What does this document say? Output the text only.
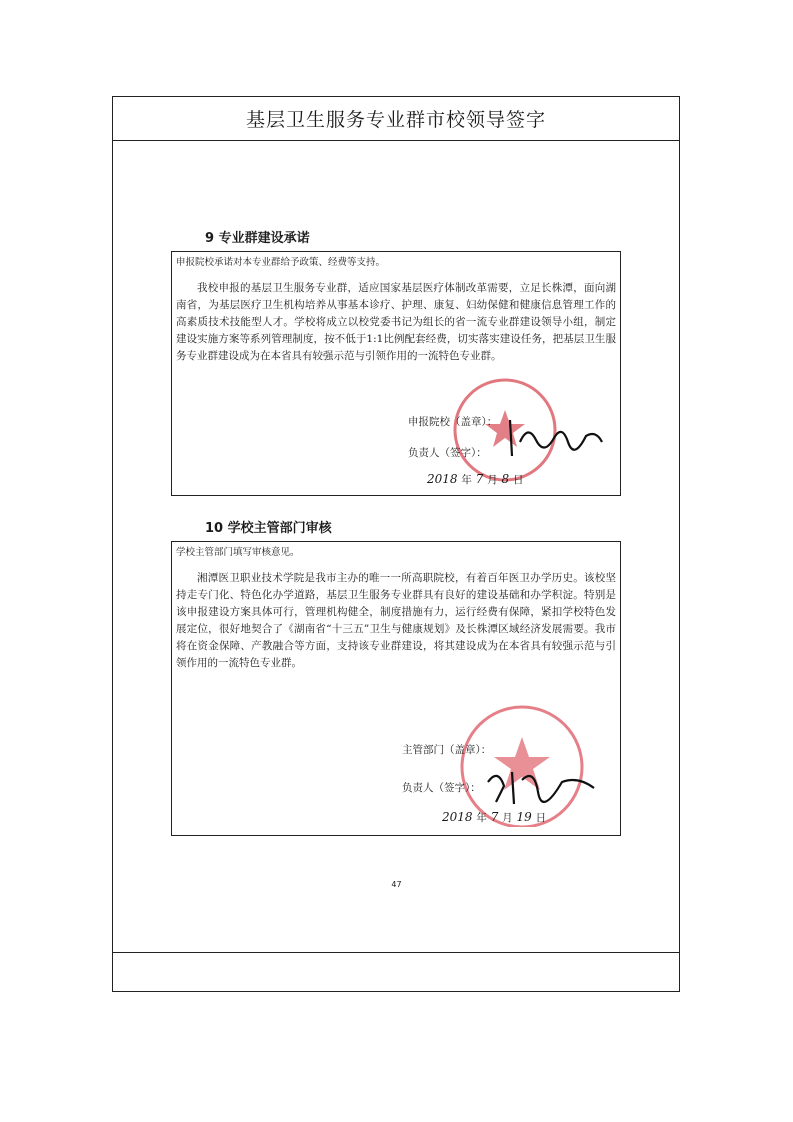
基层卫生服务专业群市校领导签字
9 专业群建设承诺
申报院校承诺对本专业群给予政策、经费等支持。
我校申报的基层卫生服务专业群，适应国家基层医疗体制改革需要，立足长株潭，面向湖南省，为基层医疗卫生机构培养从事基本诊疗、护理、康复、妇幼保健和健康信息管理工作的高素质技术技能型人才。学校将成立以校党委书记为组长的省一流专业群建设领导小组，制定建设实施方案等系列管理制度，按不低于1:1比例配套经费，切实落实建设任务，把基层卫生服务专业群建设成为在本省具有较强示范与引领作用的一流特色专业群。
申报院校（盖章）：
负责人（签字）：
2018 年 7 月 8 日
10 学校主管部门审核
学校主管部门填写审核意见。
湘潭医卫职业技术学院是我市主办的唯一一所高职院校，有着百年医卫办学历史。该校坚持走专门化、特色化办学道路，基层卫生服务专业群具有良好的建设基础和办学积淀。特别是该申报建设方案具体可行，管理机构健全，制度措施有力，运行经费有保障，紧扣学校特色发展定位，很好地契合了《湖南省“十三五”卫生与健康规划》及长株潭区域经济发展需要。我市将在资金保障、产教融合等方面，支持该专业群建设，将其建设成为在本省具有较强示范与引领作用的一流特色专业群。
主管部门（盖章）：
负责人（签字）：
2018 年 7 月 19 日
47
